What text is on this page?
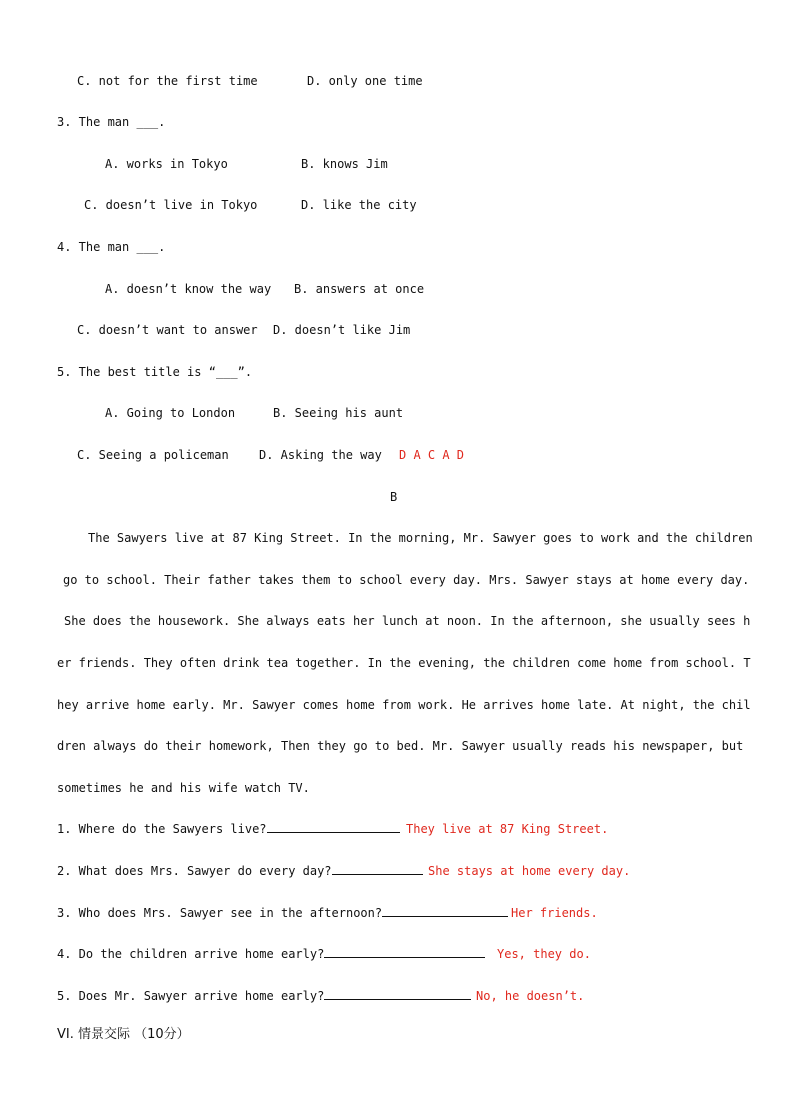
C. not for the first time	D. only one time
3. The man ___.
A. works in Tokyo	B. knows Jim
C. doesn’t live in Tokyo	D. like the city
4. The man ___.
A. doesn’t know the way B. answers at once
C. doesn’t want to answer D. doesn’t like Jim
5. The best title is “___”.
A. Going to London	B. Seeing his aunt
C. Seeing a policeman	D. Asking the way D A C A D
B
The Sawyers live at 87 King Street. In the morning, Mr. Sawyer goes to work and the children
go to school. Their father takes them to school every day. Mrs. Sawyer stays at home every day.
She does the housework. She always eats her lunch at noon. In the afternoon, she usually sees h
er friends. They often drink tea together. In the evening, the children come home from school. T
hey arrive home early. Mr. Sawyer comes home from work. He arrives home late. At night, the chil
dren always do their homework, Then they go to bed. Mr. Sawyer usually reads his newspaper, but
sometimes he and his wife watch TV.
1. Where do the Sawyers live?	They live at 87 King Street.
2. What does Mrs. Sawyer do every day?	She stays at home every day.
3. Who does Mrs. Sawyer see in the afternoon?	Her friends.
4. Do the children arrive home early?	Yes, they do.
5. Does Mr. Sawyer arrive home early?	No, he doesn’t.
VI. 情景交际 （10分）
